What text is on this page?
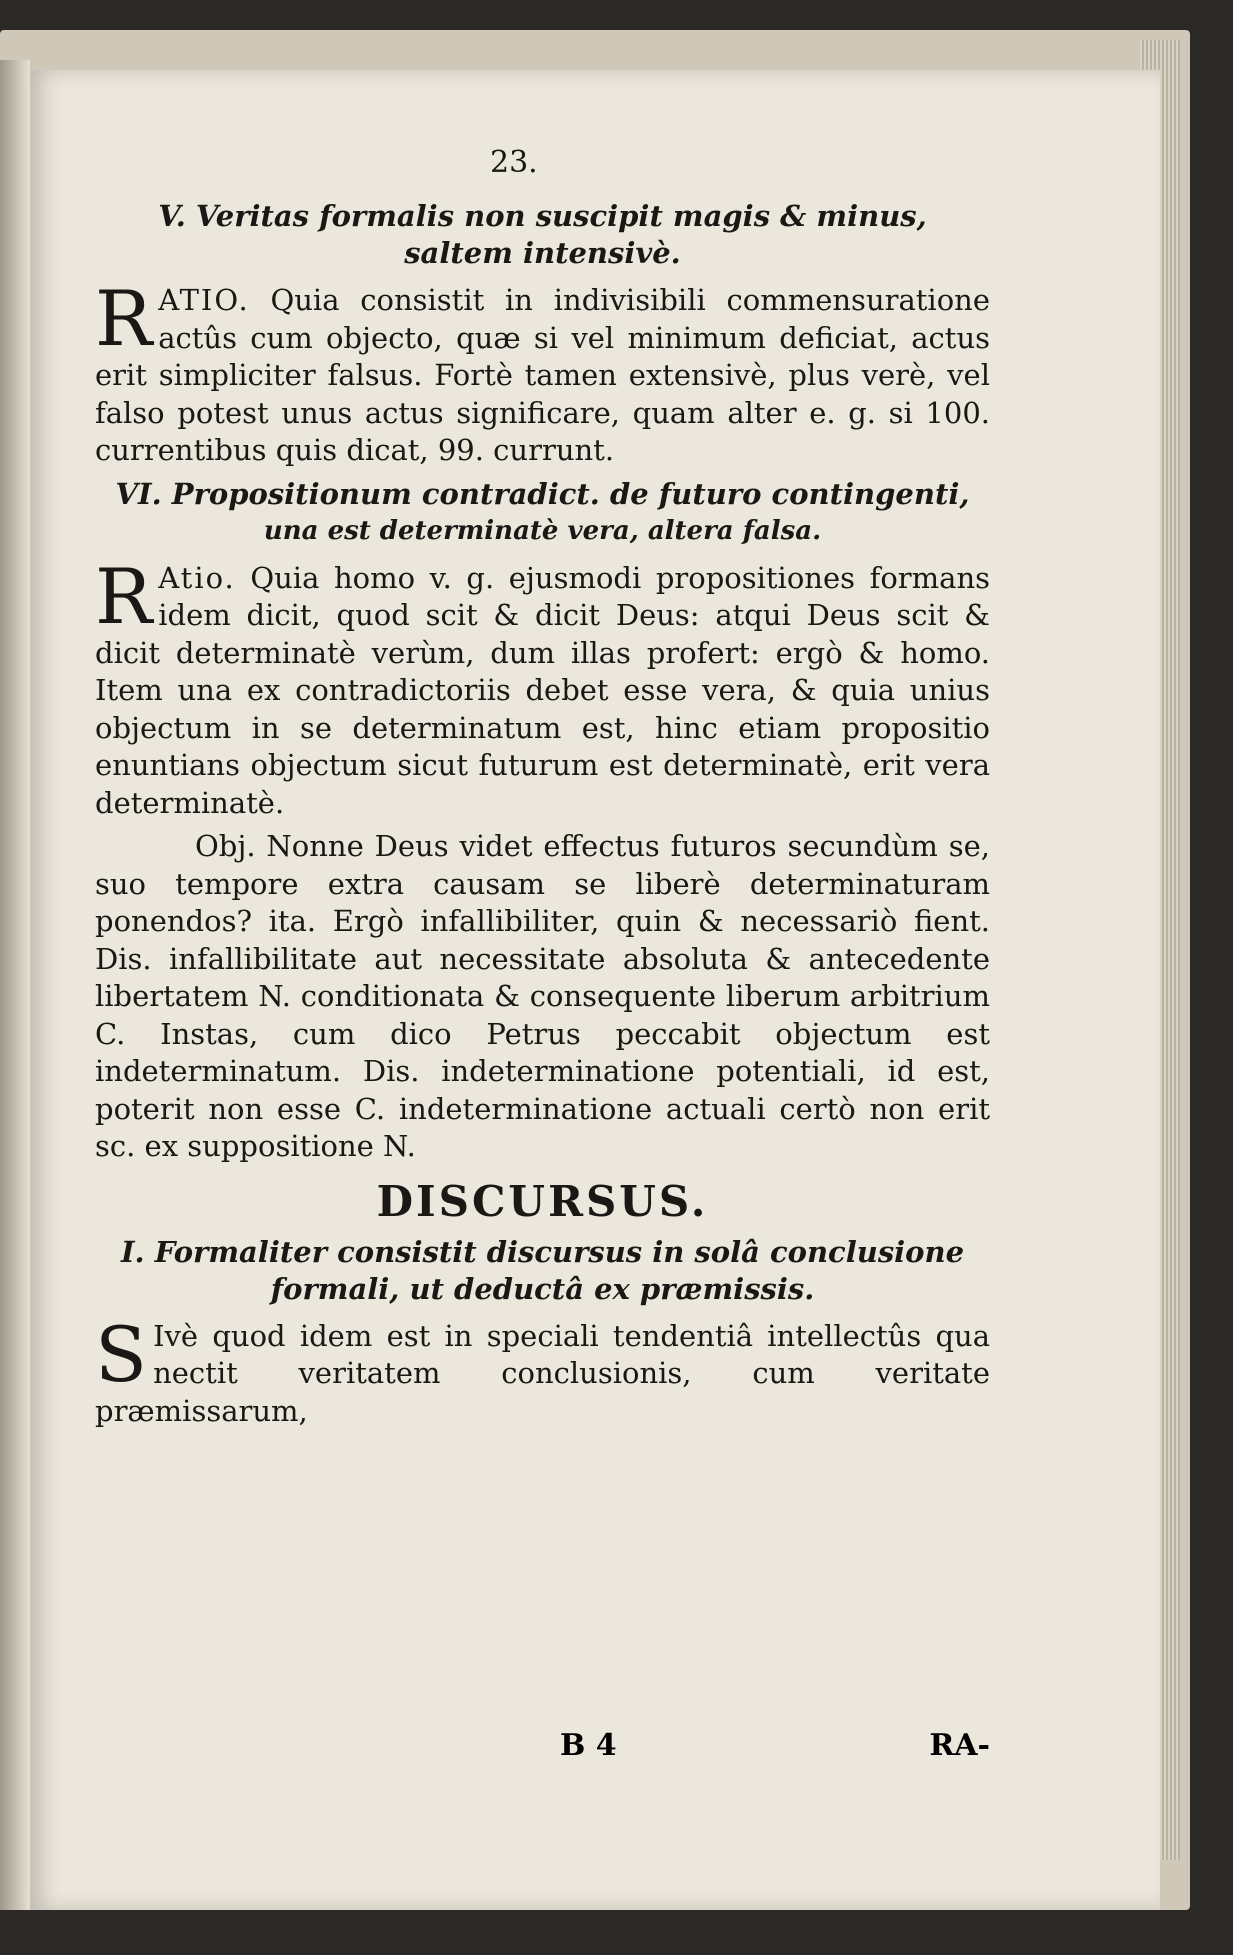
23.

V. Veritas formalis non suscipit magis & minus,

saltem intensivè.

RATIO. Quia consistit in indivisibili commensuratione actûs cum objecto, quæ si vel minimum deficiat, actus erit simpliciter falsus. Fortè tamen extensivè, plus verè, vel falso potest unus actus significare, quam alter e. g. si 100. currentibus quis dicat, 99. currunt.

VI. Propositionum contradict. de futuro contingenti,

una est determinatè vera, altera falsa.

R Atio. Quia homo v. g. ejusmodi propositiones formans idem dicit, quod scit & dicit Deus: atqui Deus scit & dicit determinatè verùm, dum illas profert: ergò & homo. Item una ex contradictoriis debet esse vera, & quia unius objectum in se determinatum est, hinc etiam propositio enuntians objectum sicut futurum est determinatè, erit vera determinatè.

Obj. Nonne Deus videt effectus futuros secundùm se, suo tempore extra causam se liberè determinaturam ponendos? ita. Ergò infallibiliter, quin & necessariò fient. Dis. infallibilitate aut necessitate absoluta & antecedente libertatem N. conditionata & consequente liberum arbitrium C. Instas, cum dico Petrus peccabit objectum est indeterminatum. Dis. indeterminatione potentiali, id est, poterit non esse C. indeterminatione actuali certò non erit sc. ex suppositione N.

DISCURSUS.

I. Formaliter consistit discursus in solâ conclusione

formali, ut deductâ ex præmissis.

S Ivè quod idem est in speciali tendentiâ intellectûs qua nectit veritatem conclusionis, cum veritate præmissarum,

B 4	RA-
